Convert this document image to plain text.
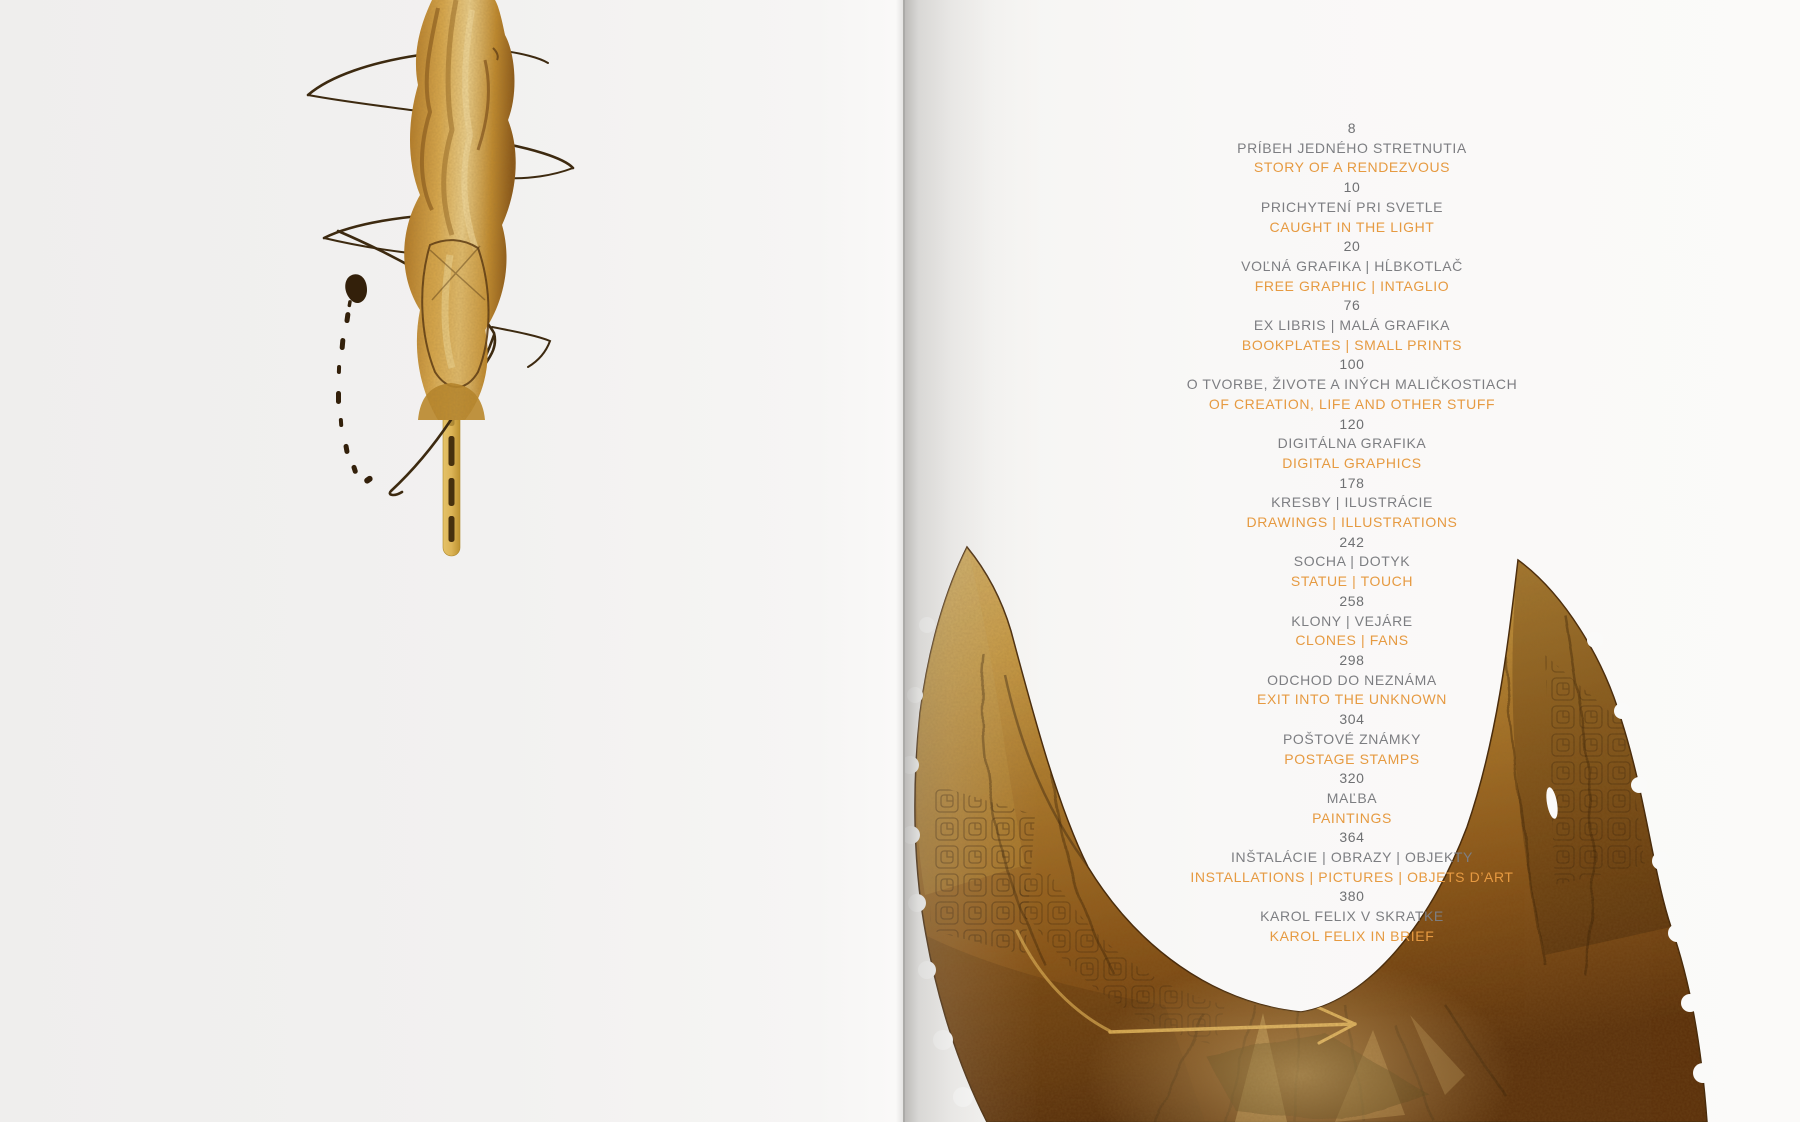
8
PRÍBEH JEDNÉHO STRETNUTIA
STORY OF A RENDEZVOUS
10
PRICHYTENÍ PRI SVETLE
CAUGHT IN THE LIGHT
20
VOĽNÁ GRAFIKA | HĹBKOTLAČ
FREE GRAPHIC | INTAGLIO
76
EX LIBRIS | MALÁ GRAFIKA
BOOKPLATES | SMALL PRINTS
100
O TVORBE, ŽIVOTE A INÝCH MALIČKOSTIACH
OF CREATION, LIFE AND OTHER STUFF
120
DIGITÁLNA GRAFIKA
DIGITAL GRAPHICS
178
KRESBY | ILUSTRÁCIE
DRAWINGS | ILLUSTRATIONS
242
SOCHA | DOTYK
STATUE | TOUCH
258
KLONY | VEJÁRE
CLONES | FANS
298
ODCHOD DO NEZNÁMA
EXIT INTO THE UNKNOWN
304
POŠTOVÉ ZNÁMKY
POSTAGE STAMPS
320
MAĽBA
PAINTINGS
364
INŠTALÁCIE | OBRAZY | OBJEKTY
INSTALLATIONS | PICTURES | OBJETS D’ART
380
KAROL FELIX V SKRATKE
KAROL FELIX IN BRIEF
